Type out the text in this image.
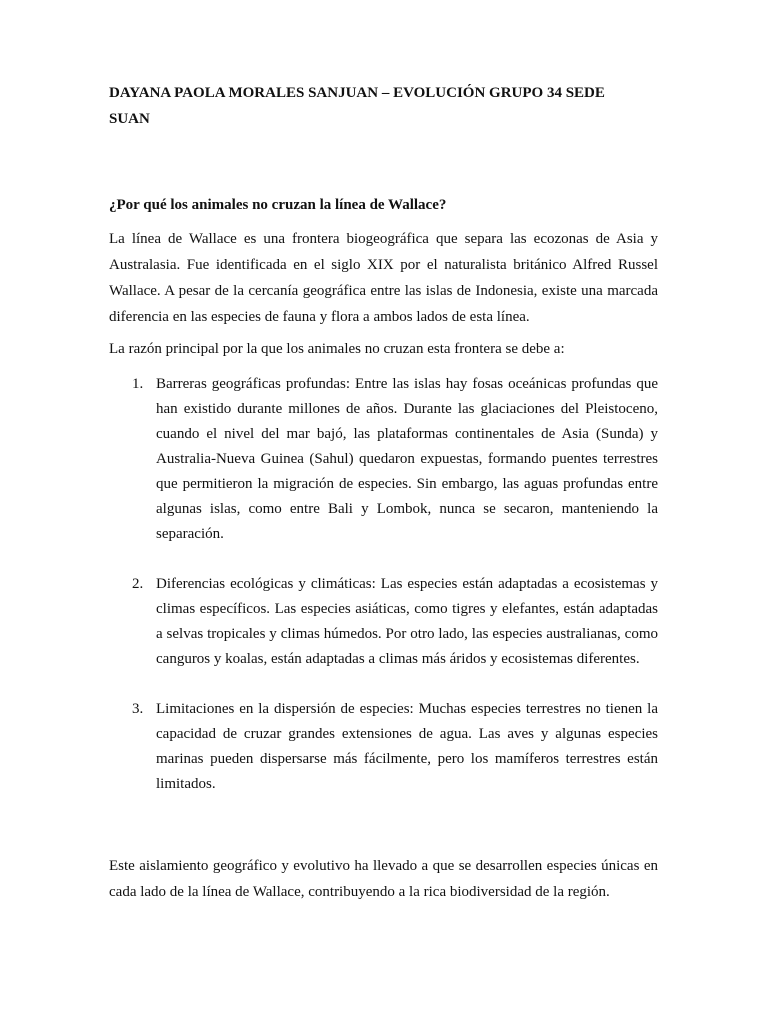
DAYANA PAOLA MORALES SANJUAN – EVOLUCIÓN GRUPO 34 SEDE SUAN
¿Por qué los animales no cruzan la línea de Wallace?

La línea de Wallace es una frontera biogeográfica que separa las ecozonas de Asia y Australasia. Fue identificada en el siglo XIX por el naturalista británico Alfred Russel Wallace. A pesar de la cercanía geográfica entre las islas de Indonesia, existe una marcada diferencia en las especies de fauna y flora a ambos lados de esta línea.

La razón principal por la que los animales no cruzan esta frontera se debe a:

1. Barreras geográficas profundas: Entre las islas hay fosas oceánicas profundas que han existido durante millones de años. Durante las glaciaciones del Pleistoceno, cuando el nivel del mar bajó, las plataformas continentales de Asia (Sunda) y Australia-Nueva Guinea (Sahul) quedaron expuestas, formando puentes terrestres que permitieron la migración de especies. Sin embargo, las aguas profundas entre algunas islas, como entre Bali y Lombok, nunca se secaron, manteniendo la separación.
2. Diferencias ecológicas y climáticas: Las especies están adaptadas a ecosistemas y climas específicos. Las especies asiáticas, como tigres y elefantes, están adaptadas a selvas tropicales y climas húmedos. Por otro lado, las especies australianas, como canguros y koalas, están adaptadas a climas más áridos y ecosistemas diferentes.
3. Limitaciones en la dispersión de especies: Muchas especies terrestres no tienen la capacidad de cruzar grandes extensiones de agua. Las aves y algunas especies marinas pueden dispersarse más fácilmente, pero los mamíferos terrestres están limitados.

Este aislamiento geográfico y evolutivo ha llevado a que se desarrollen especies únicas en cada lado de la línea de Wallace, contribuyendo a la rica biodiversidad de la región.
